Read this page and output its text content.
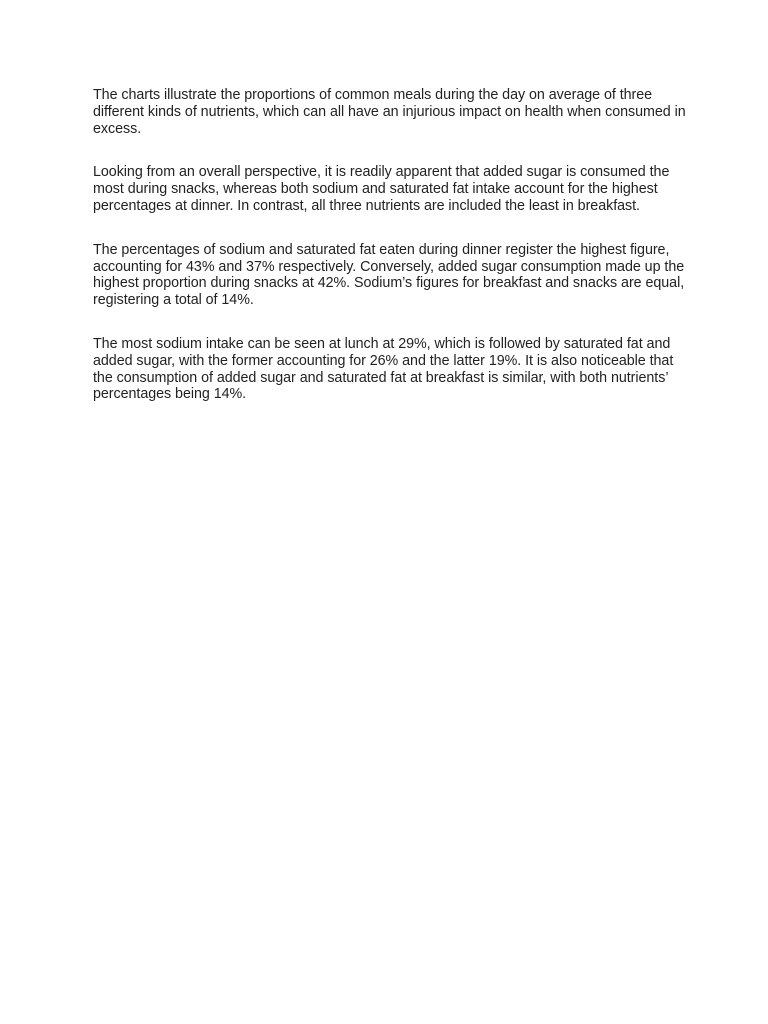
The charts illustrate the proportions of common meals during the day on average of three different kinds of nutrients, which can all have an injurious impact on health when consumed in excess.

Looking from an overall perspective, it is readily apparent that added sugar is consumed the most during snacks, whereas both sodium and saturated fat intake account for the highest percentages at dinner. In contrast, all three nutrients are included the least in breakfast.

The percentages of sodium and saturated fat eaten during dinner register the highest figure, accounting for 43% and 37% respectively. Conversely, added sugar consumption made up the highest proportion during snacks at 42%. Sodium’s figures for breakfast and snacks are equal, registering a total of 14%.

The most sodium intake can be seen at lunch at 29%, which is followed by saturated fat and added sugar, with the former accounting for 26% and the latter 19%. It is also noticeable that the consumption of added sugar and saturated fat at breakfast is similar, with both nutrients’ percentages being 14%.
